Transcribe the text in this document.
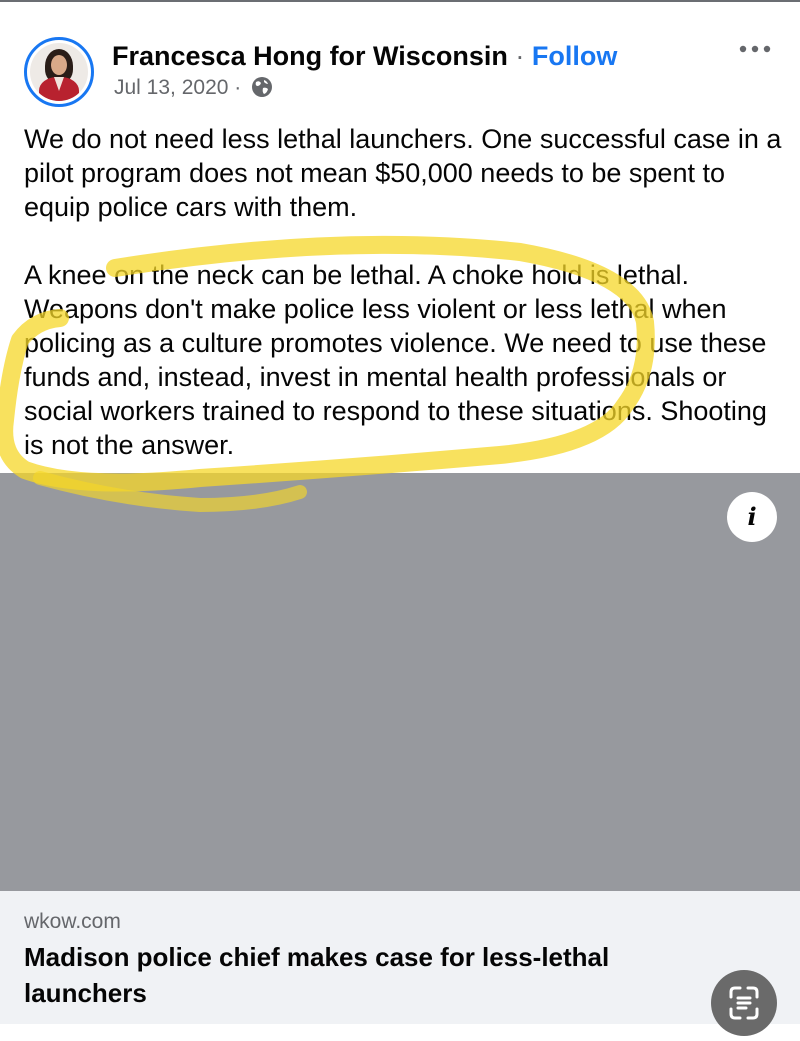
Francesca Hong for Wisconsin · Follow
Jul 13, 2020 ·

We do not need less lethal launchers. One successful case in a pilot program does not mean $50,000 needs to be spent to equip police cars with them.

A knee on the neck can be lethal. A choke hold is lethal. Weapons don't make police less violent or less lethal when policing as a culture promotes violence. We need to use these funds and, instead, invest in mental health professionals or social workers trained to respond to these situations. Shooting is not the answer.

i
wkow.com
Madison police chief makes case for less-lethal launchers
